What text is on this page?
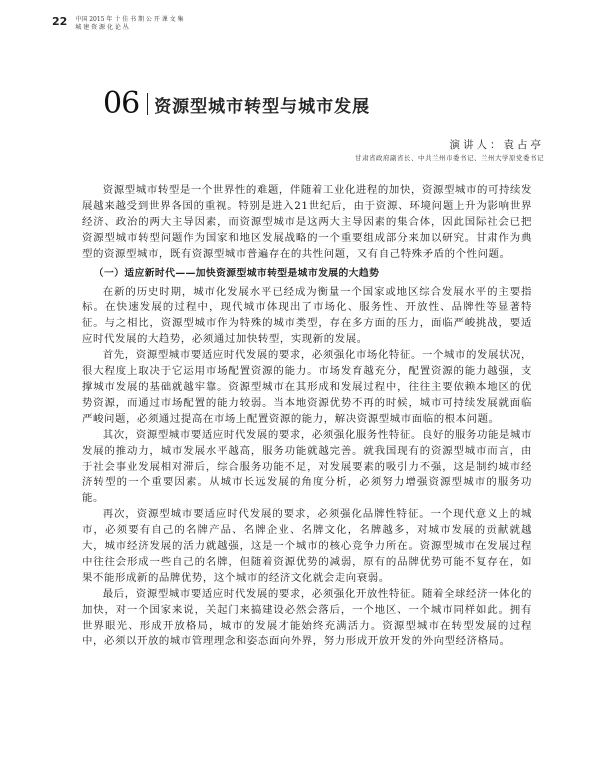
22 中国 2015 年 十 佳 书 期 公 开 课 文 集
城 建 资 源 化 论 丛
06 资源型城市转型与城市发展
演讲人：袁占亭
甘肃省政府副省长、中共兰州市委书记、兰州大学原党委书记

资源型城市转型是一个世界性的难题，伴随着工业化进程的加快，资源型城市的可持续发展越来越受到世界各国的重视。特别是进入21世纪后，由于资源、环境问题上升为影响世界经济、政治的两大主导因素，而资源型城市是这两大主导因素的集合体，因此国际社会已把资源型城市转型问题作为国家和地区发展战略的一个重要组成部分来加以研究。甘肃作为典型的资源型城市，既有资源型城市普遍存在的共性问题，又有自己特殊矛盾的个性问题。

（一）适应新时代——加快资源型城市转型是城市发展的大趋势

在新的历史时期，城市化发展水平已经成为衡量一个国家或地区综合发展水平的主要指标。在快速发展的过程中，现代城市体现出了市场化、服务性、开放性、品牌性等显著特征。与之相比，资源型城市作为特殊的城市类型，存在多方面的压力，面临严峻挑战，要适应时代发展的大趋势，必须通过加快转型，实现新的发展。

首先，资源型城市要适应时代发展的要求，必须强化市场化特征。一个城市的发展状况，很大程度上取决于它运用市场配置资源的能力。市场发育越充分，配置资源的能力越强，支撑城市发展的基础就越牢靠。资源型城市在其形成和发展过程中，往往主要依赖本地区的优势资源，而通过市场配置的能力较弱。当本地资源优势不再的时候，城市可持续发展就面临严峻问题，必须通过提高在市场上配置资源的能力，解决资源型城市面临的根本问题。

其次，资源型城市要适应时代发展的要求，必须强化服务性特征。良好的服务功能是城市发展的推动力，城市发展水平越高，服务功能就越完善。就我国现有的资源型城市而言，由于社会事业发展相对滞后，综合服务功能不足，对发展要素的吸引力不强，这是制约城市经济转型的一个重要因素。从城市长远发展的角度分析，必须努力增强资源型城市的服务功能。

再次，资源型城市要适应时代发展的要求，必须强化品牌性特征。一个现代意义上的城市，必须要有自己的名牌产品、名牌企业、名牌文化，名牌越多，对城市发展的贡献就越大，城市经济发展的活力就越强，这是一个城市的核心竞争力所在。资源型城市在发展过程中往往会形成一些自己的名牌，但随着资源优势的减弱，原有的品牌优势可能不复存在，如果不能形成新的品牌优势，这个城市的经济文化就会走向衰弱。

最后，资源型城市要适应时代发展的要求，必须强化开放性特征。随着全球经济一体化的加快，对一个国家来说，关起门来搞建设必然会落后，一个地区、一个城市同样如此。拥有世界眼光、形成开放格局，城市的发展才能始终充满活力。资源型城市在转型发展的过程中，必须以开放的城市管理理念和姿态面向外界，努力形成开放开发的外向型经济格局。
